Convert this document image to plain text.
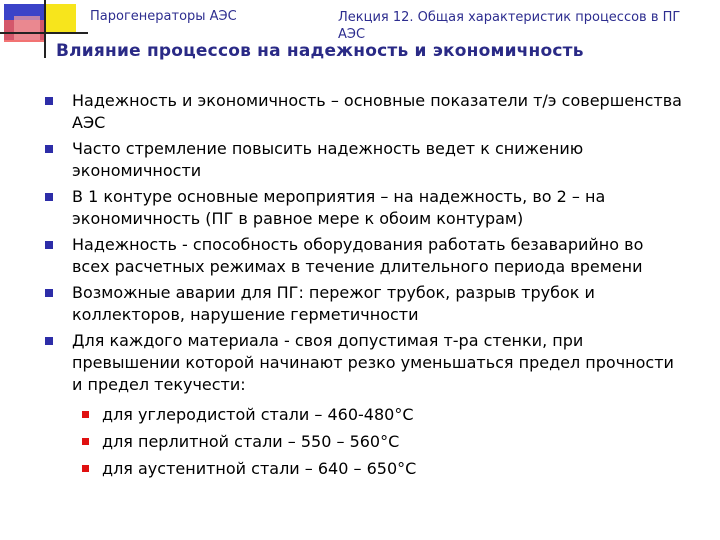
Парогенераторы АЭС	Лекция 12. Общая характеристик процессов в ПГ АЭС
Влияние процессов на надежность и экономичность
Надежность и экономичность – основные показатели т/э совершенства АЭС
Часто стремление повысить надежность ведет к снижению экономичности
В 1 контуре основные мероприятия – на надежность, во 2 – на экономичность (ПГ в равное мере к обоим контурам)
Надежность - способность оборудования работать безаварийно во всех расчетных режимах в течение длительного периода времени
Возможные аварии для ПГ: пережог трубок, разрыв трубок и коллекторов, нарушение герметичности
Для каждого материала - своя допустимая т-ра стенки, при превышении которой начинают резко уменьшаться предел прочности и предел текучести:
для углеродистой стали – 460-480°С
для перлитной стали – 550 – 560°С
для аустенитной стали – 640 – 650°С
